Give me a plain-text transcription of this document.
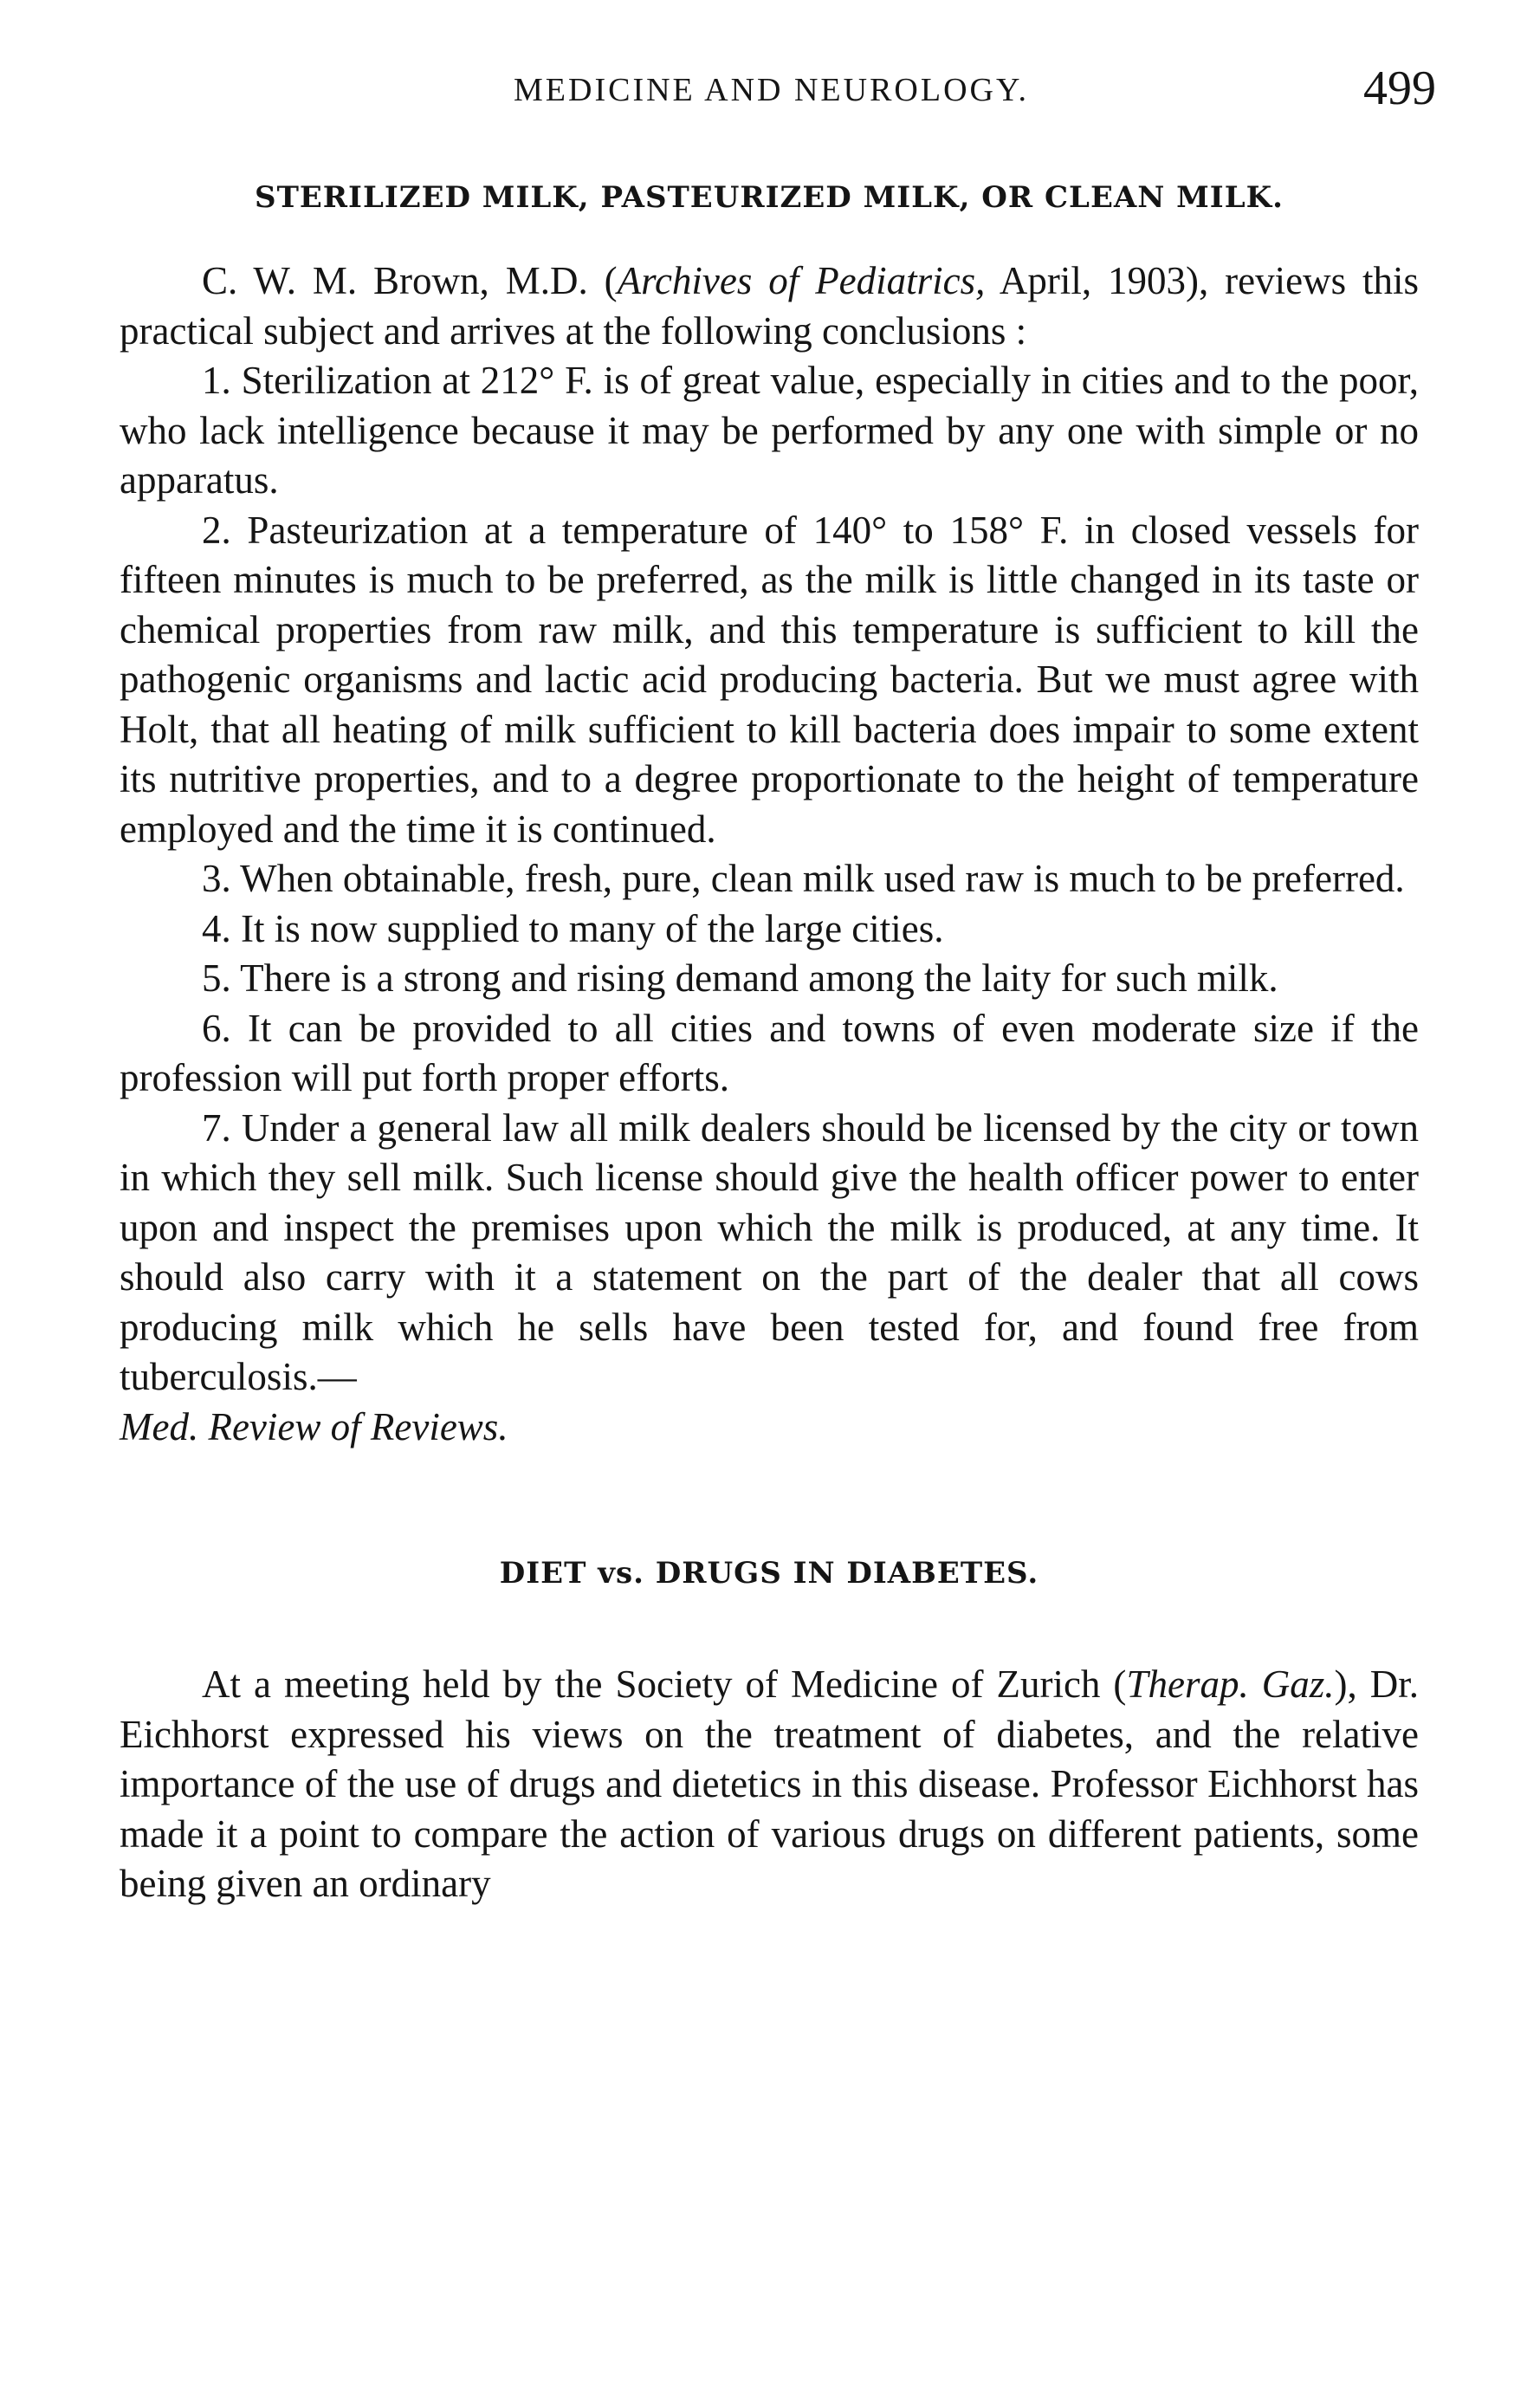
MEDICINE AND NEUROLOGY.	499
STERILIZED MILK, PASTEURIZED MILK, OR CLEAN MILK.

C. W. M. Brown, M.D. (Archives of Pediatrics, April, 1903), reviews this practical subject and arrives at the following conclusions :

1. Sterilization at 212° F. is of great value, especially in cities and to the poor, who lack intelligence because it may be performed by any one with simple or no apparatus.

2. Pasteurization at a temperature of 140° to 158° F. in closed vessels for fifteen minutes is much to be preferred, as the milk is little changed in its taste or chemical properties from raw milk, and this temperature is sufficient to kill the pathogenic organisms and lactic acid producing bacteria. But we must agree with Holt, that all heating of milk sufficient to kill bacteria does impair to some extent its nutritive properties, and to a degree proportionate to the height of temperature employed and the time it is continued.

3. When obtainable, fresh, pure, clean milk used raw is much to be preferred.

4. It is now supplied to many of the large cities.

5. There is a strong and rising demand among the laity for such milk.

6. It can be provided to all cities and towns of even moderate size if the profession will put forth proper efforts.

7. Under a general law all milk dealers should be licensed by the city or town in which they sell milk. Such license should give the health officer power to enter upon and inspect the premises upon which the milk is produced, at any time. It should also carry with it a statement on the part of the dealer that all cows producing milk which he sells have been tested for, and found free from tuberculosis.—

Med. Review of Reviews.

DIET vs. DRUGS IN DIABETES.

At a meeting held by the Society of Medicine of Zurich (Therap. Gaz.), Dr. Eichhorst expressed his views on the treatment of diabetes, and the relative importance of the use of drugs and dietetics in this disease. Professor Eichhorst has made it a point to compare the action of various drugs on different patients, some being given an ordinary
